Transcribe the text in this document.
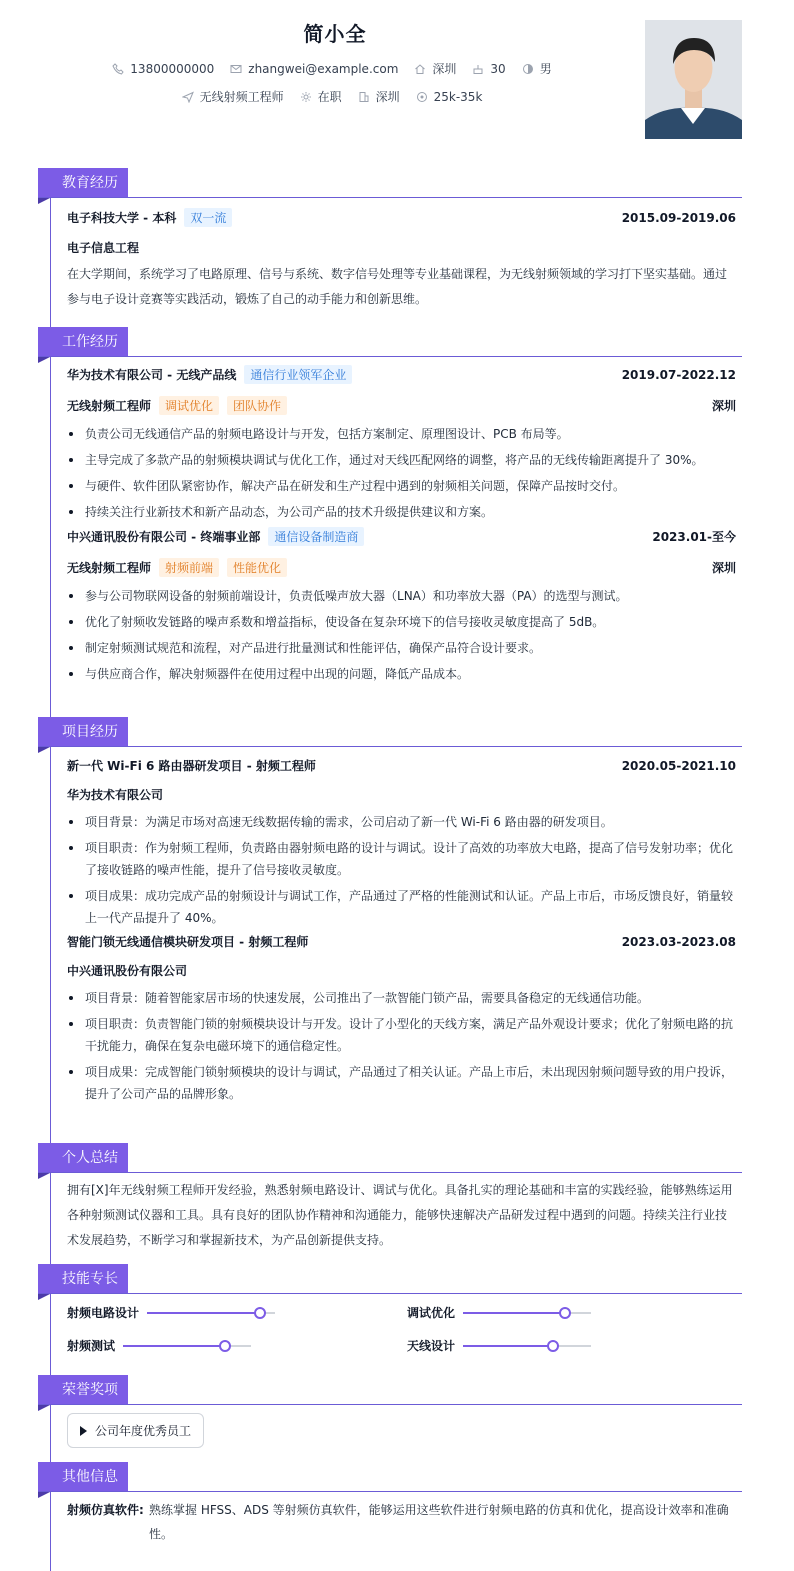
简小全
13800000000	zhangwei@example.com	深圳	30	男
无线射频工程师	在职	深圳	25k-35k
教育经历
电子科技大学 - 本科 双一流	2015.09-2019.06
电子信息工程
在大学期间，系统学习了电路原理、信号与系统、数字信号处理等专业基础课程，为无线射频领域的学习打下坚实基础。通过参与电子设计竞赛等实践活动，锻炼了自己的动手能力和创新思维。
工作经历
华为技术有限公司 - 无线产品线 通信行业领军企业	2019.07-2022.12
无线射频工程师 调试优化 团队协作	深圳
负责公司无线通信产品的射频电路设计与开发，包括方案制定、原理图设计、PCB 布局等。
主导完成了多款产品的射频模块调试与优化工作，通过对天线匹配网络的调整，将产品的无线传输距离提升了 30%。
与硬件、软件团队紧密协作，解决产品在研发和生产过程中遇到的射频相关问题，保障产品按时交付。
持续关注行业新技术和新产品动态，为公司产品的技术升级提供建议和方案。
中兴通讯股份有限公司 - 终端事业部 通信设备制造商	2023.01-至今
无线射频工程师 射频前端 性能优化	深圳
参与公司物联网设备的射频前端设计，负责低噪声放大器（LNA）和功率放大器（PA）的选型与测试。
优化了射频收发链路的噪声系数和增益指标，使设备在复杂环境下的信号接收灵敏度提高了 5dB。
制定射频测试规范和流程，对产品进行批量测试和性能评估，确保产品符合设计要求。
与供应商合作，解决射频器件在使用过程中出现的问题，降低产品成本。
项目经历
新一代 Wi-Fi 6 路由器研发项目 - 射频工程师	2020.05-2021.10
华为技术有限公司
项目背景：为满足市场对高速无线数据传输的需求，公司启动了新一代 Wi-Fi 6 路由器的研发项目。
项目职责：作为射频工程师，负责路由器射频电路的设计与调试。设计了高效的功率放大电路，提高了信号发射功率；优化了接收链路的噪声性能，提升了信号接收灵敏度。
项目成果：成功完成产品的射频设计与调试工作，产品通过了严格的性能测试和认证。产品上市后，市场反馈良好，销量较上一代产品提升了 40%。
智能门锁无线通信模块研发项目 - 射频工程师	2023.03-2023.08
中兴通讯股份有限公司
项目背景：随着智能家居市场的快速发展，公司推出了一款智能门锁产品，需要具备稳定的无线通信功能。
项目职责：负责智能门锁的射频模块设计与开发。设计了小型化的天线方案，满足产品外观设计要求；优化了射频电路的抗干扰能力，确保在复杂电磁环境下的通信稳定性。
项目成果：完成智能门锁射频模块的设计与调试，产品通过了相关认证。产品上市后，未出现因射频问题导致的用户投诉，提升了公司产品的品牌形象。
个人总结
拥有[X]年无线射频工程师开发经验，熟悉射频电路设计、调试与优化。具备扎实的理论基础和丰富的实践经验，能够熟练运用各种射频测试仪器和工具。具有良好的团队协作精神和沟通能力，能够快速解决产品研发过程中遇到的问题。持续关注行业技术发展趋势，不断学习和掌握新技术，为产品创新提供支持。
技能专长
射频电路设计	调试优化
射频测试	天线设计
荣誉奖项
公司年度优秀员工
其他信息
射频仿真软件: 熟练掌握 HFSS、ADS 等射频仿真软件，能够运用这些软件进行射频电路的仿真和优化，提高设计效率和准确性。
